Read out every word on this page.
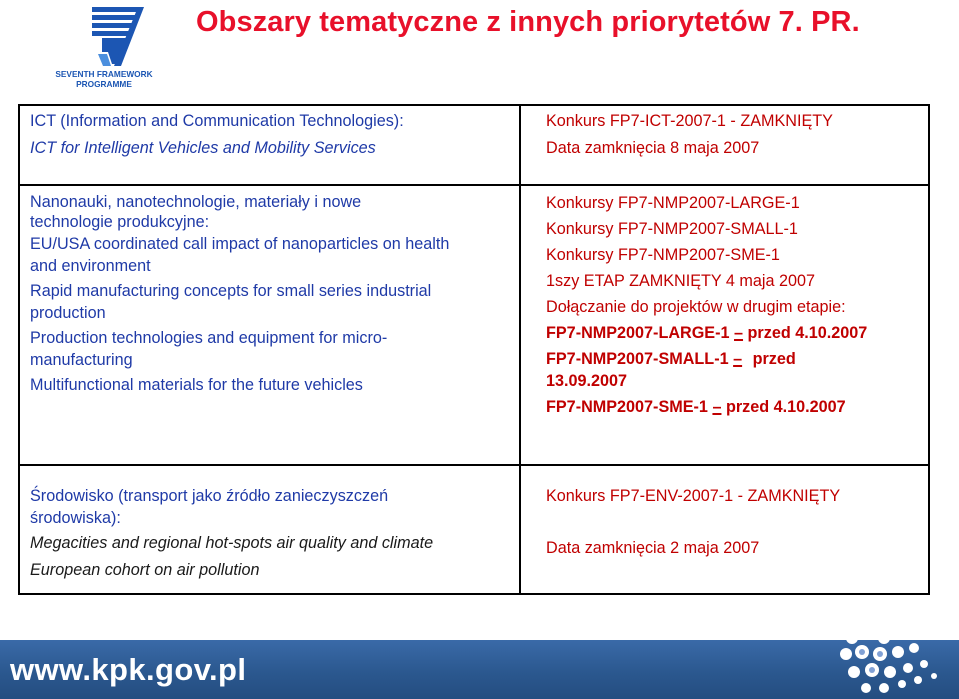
SEVENTH FRAMEWORK
PROGRAMME
Obszary tematyczne z innych priorytetów 7. PR.
ICT (Information and Communication Technologies):
ICT for Intelligent Vehicles and Mobility Services
Konkurs FP7-ICT-2007-1 - ZAMKNIĘTY
Data zamknięcia 8 maja 2007
Nanonauki, nanotechnologie, materiały i nowe
technologie produkcyjne:
EU/USA coordinated call impact of nanoparticles on health
and environment
Rapid manufacturing concepts for small series industrial
production
Production technologies and equipment for micro-
manufacturing
Multifunctional materials for the future vehicles
Konkursy FP7-NMP2007-LARGE-1
Konkursy FP7-NMP2007-SMALL-1
Konkursy FP7-NMP2007-SME-1
1szy ETAP ZAMKNIĘTY 4 maja 2007
Dołączanie do projektów w drugim etapie:
FP7-NMP2007-LARGE-1 – przed 4.10.2007
FP7-NMP2007-SMALL-1 – przed
13.09.2007
FP7-NMP2007-SME-1 – przed 4.10.2007
Środowisko (transport jako źródło zanieczyszczeń
środowiska):
Megacities and regional hot-spots air quality and climate
European cohort on air pollution
Konkurs FP7-ENV-2007-1 - ZAMKNIĘTY
Data zamknięcia 2 maja 2007
www.kpk.gov.pl
